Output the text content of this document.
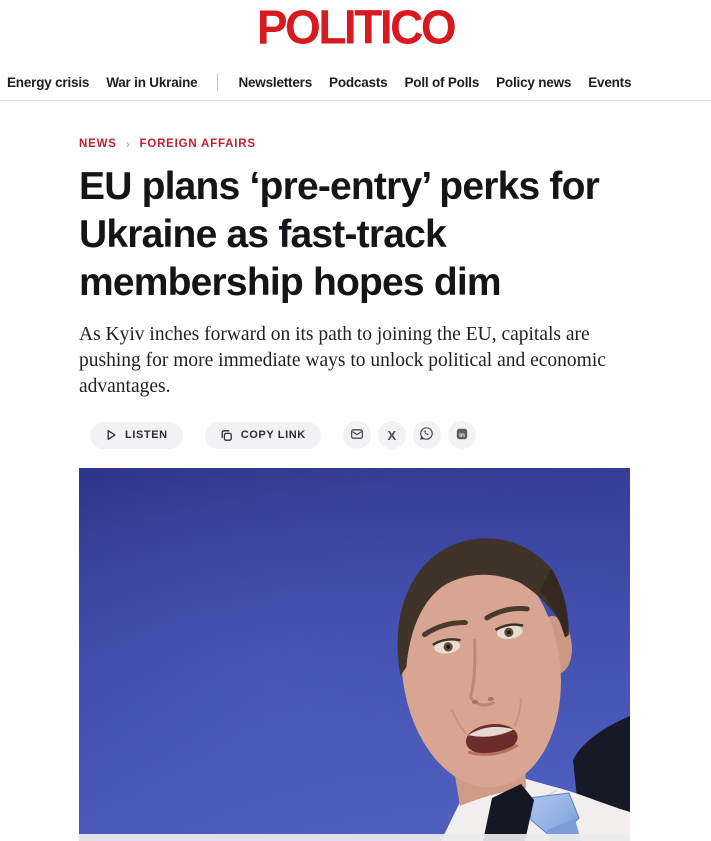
POLITICO
Energy crisis War in Ukraine	Newsletters Podcasts Poll of Polls Policy news Events
NEWS › FOREIGN AFFAIRS
EU plans ‘pre-entry’ perks for Ukraine as fast-track membership hopes dim

As Kyiv inches forward on its path to joining the EU, capitals are pushing for more immediate ways to unlock political and economic advantages.

LISTEN	COPY LINK	X	in
